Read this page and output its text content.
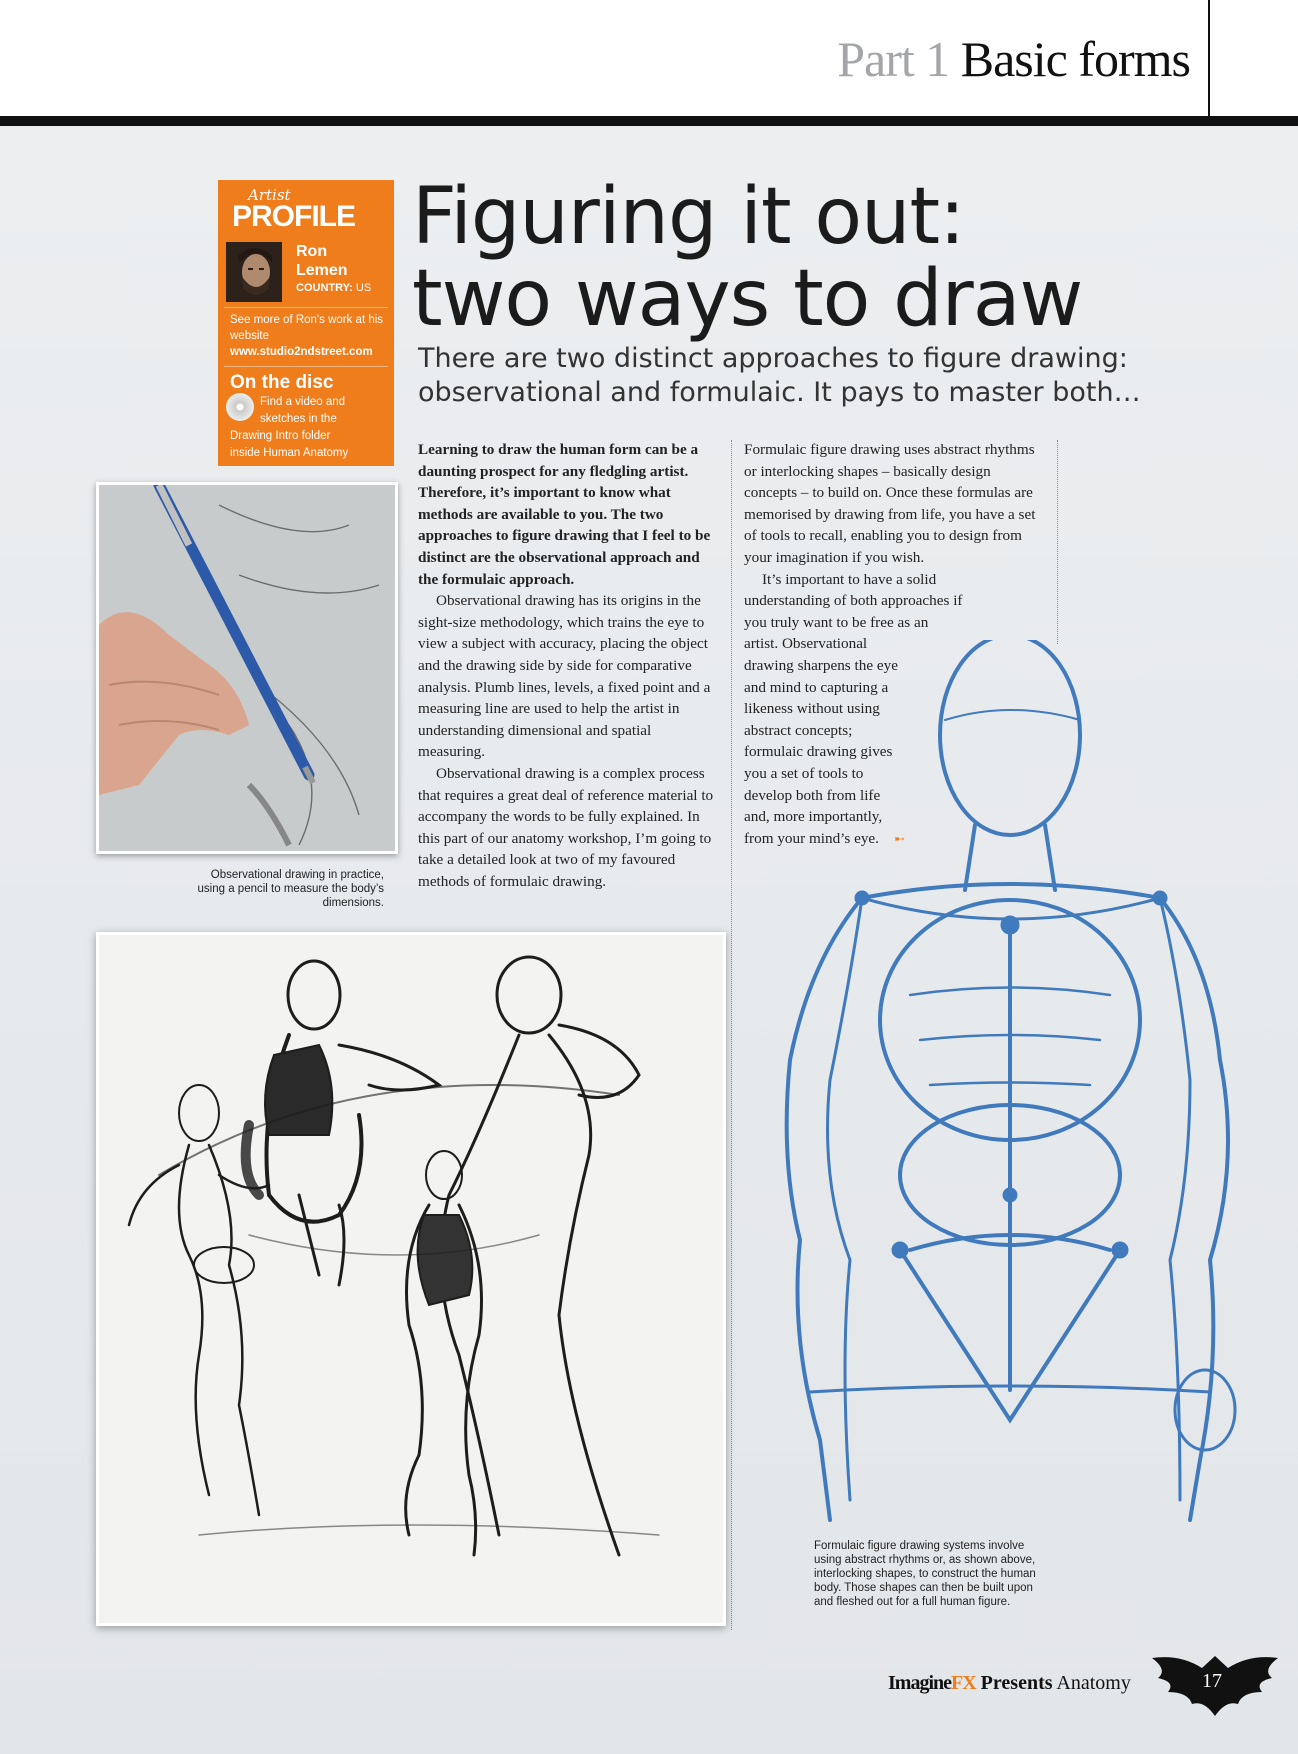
Part 1 Basic forms
Artist
PROFILE
Ron
Lemen
COUNTRY: US
See more of Ron's work at his website
www.studio2ndstreet.com
On the disc
Find a video and
sketches in the
Drawing Intro folder
inside Human Anatomy
Figuring it out:
two ways to draw

There are two distinct approaches to figure drawing: observational and formulaic. It pays to master both…

Learning to draw the human form can be a daunting prospect for any fledgling artist. Therefore, it’s important to know what methods are available to you. The two approaches to figure drawing that I feel to be distinct are the observational approach and the formulaic approach.

Observational drawing has its origins in the sight-size methodology, which trains the eye to view a subject with accuracy, placing the object and the drawing side by side for comparative analysis. Plumb lines, levels, a fixed point and a measuring line are used to help the artist in understanding dimensional and spatial measuring.

Observational drawing is a complex process that requires a great deal of reference material to accompany the words to be fully explained. In this part of our anatomy workshop, I’m going to take a detailed look at two of my favoured methods of formulaic drawing.

Formulaic figure drawing uses abstract rhythms or interlocking shapes – basically design concepts – to build on. Once these formulas are memorised by drawing from life, you have a set of tools to recall, enabling you to design from your imagination if you wish.

It’s important to have a solid
understanding of both approaches if
you truly want to be free as an
artist. Observational
drawing sharpens the eye
and mind to capturing a
likeness without using
abstract concepts;
formulaic drawing gives
you a set of tools to
develop both from life
and, more importantly,
from your mind’s eye. ➸
Observational drawing in practice, using a pencil to measure the body’s dimensions.
Formulaic figure drawing systems involve using abstract rhythms or, as shown above, interlocking shapes, to construct the human body. Those shapes can then be built upon and fleshed out for a full human figure.
ImagineFX Presents Anatomy	17
